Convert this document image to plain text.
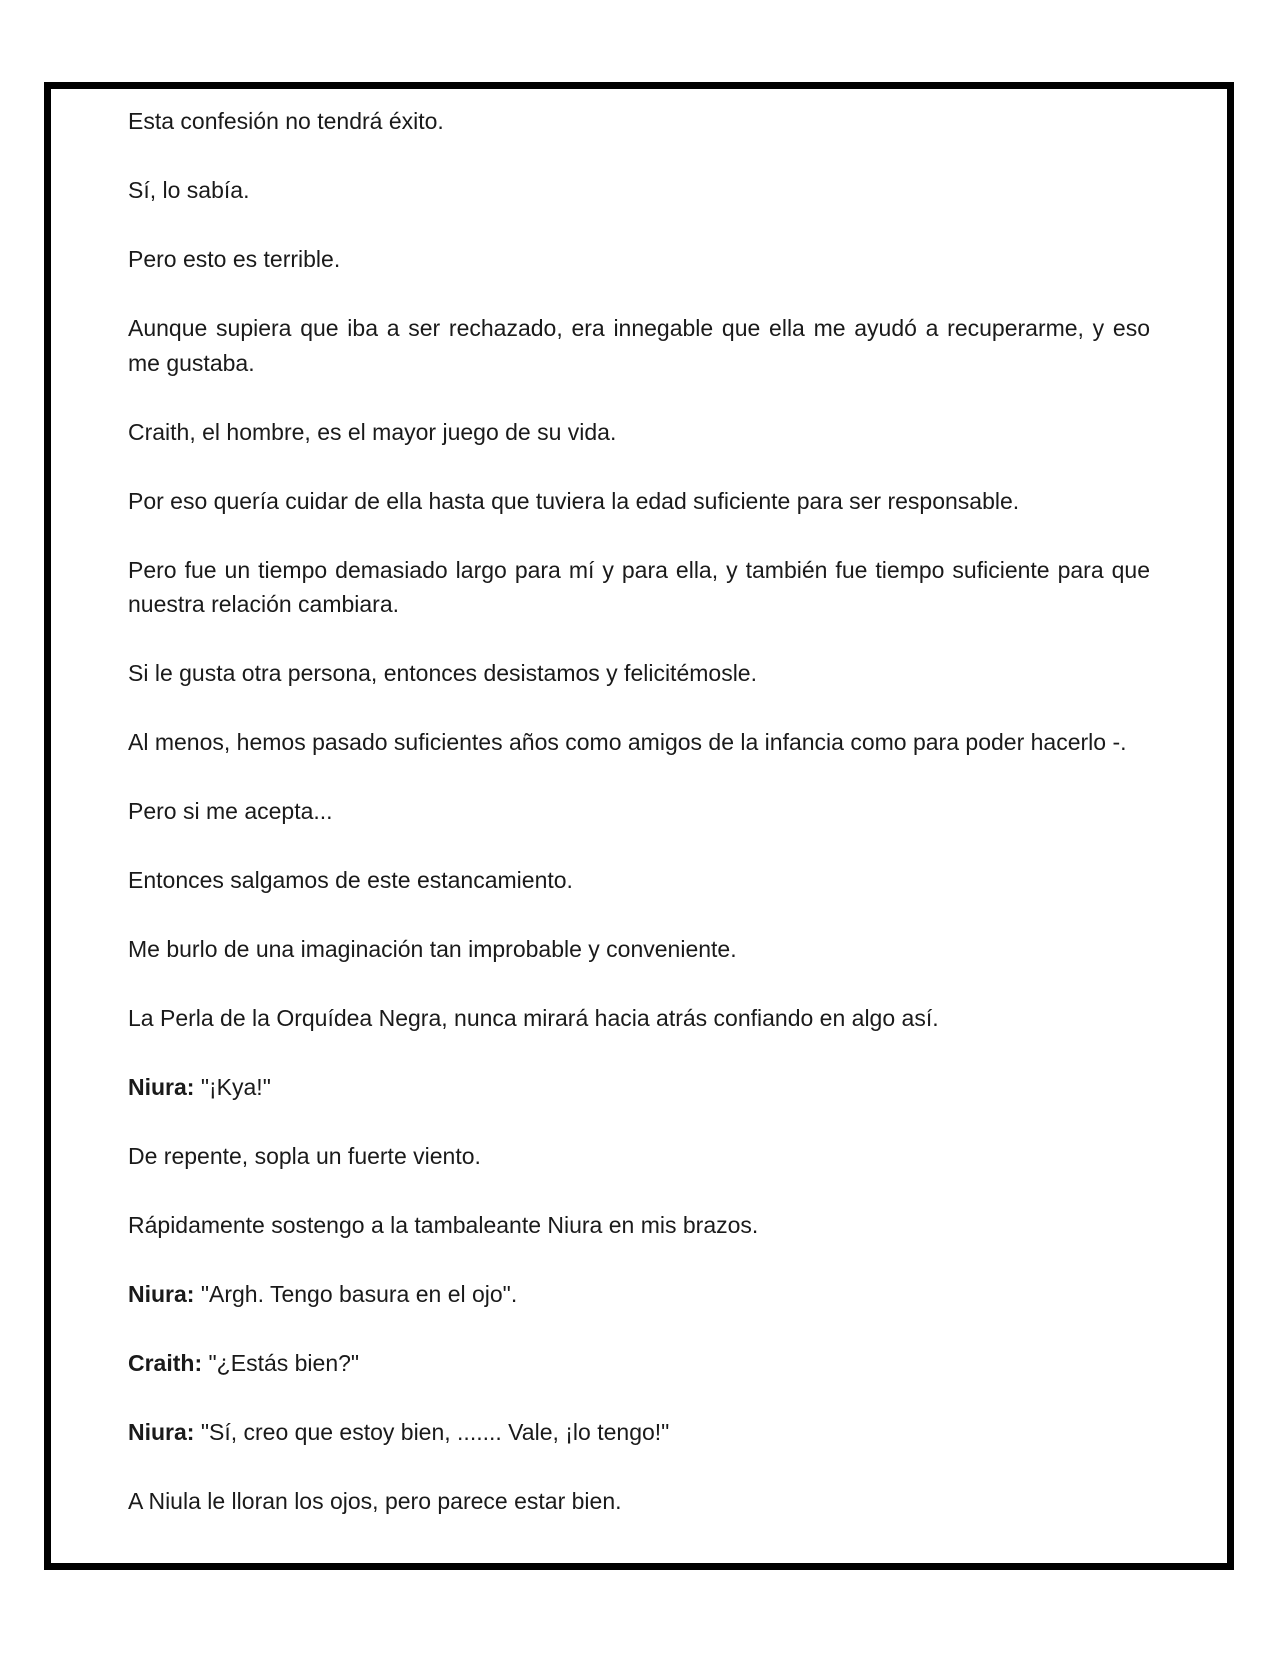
Esta confesión no tendrá éxito.

Sí, lo sabía.

Pero esto es terrible.

Aunque supiera que iba a ser rechazado, era innegable que ella me ayudó a recuperarme, y eso me gustaba.

Craith, el hombre, es el mayor juego de su vida.

Por eso quería cuidar de ella hasta que tuviera la edad suficiente para ser responsable.

Pero fue un tiempo demasiado largo para mí y para ella, y también fue tiempo suficiente para que nuestra relación cambiara.

Si le gusta otra persona, entonces desistamos y felicitémosle.

Al menos, hemos pasado suficientes años como amigos de la infancia como para poder hacerlo -.

Pero si me acepta...

Entonces salgamos de este estancamiento.

Me burlo de una imaginación tan improbable y conveniente.

La Perla de la Orquídea Negra, nunca mirará hacia atrás confiando en algo así.

Niura: "¡Kya!"

De repente, sopla un fuerte viento.

Rápidamente sostengo a la tambaleante Niura en mis brazos.

Niura: "Argh. Tengo basura en el ojo".

Craith: "¿Estás bien?"

Niura: "Sí, creo que estoy bien, ....... Vale, ¡lo tengo!"

A Niula le lloran los ojos, pero parece estar bien.
